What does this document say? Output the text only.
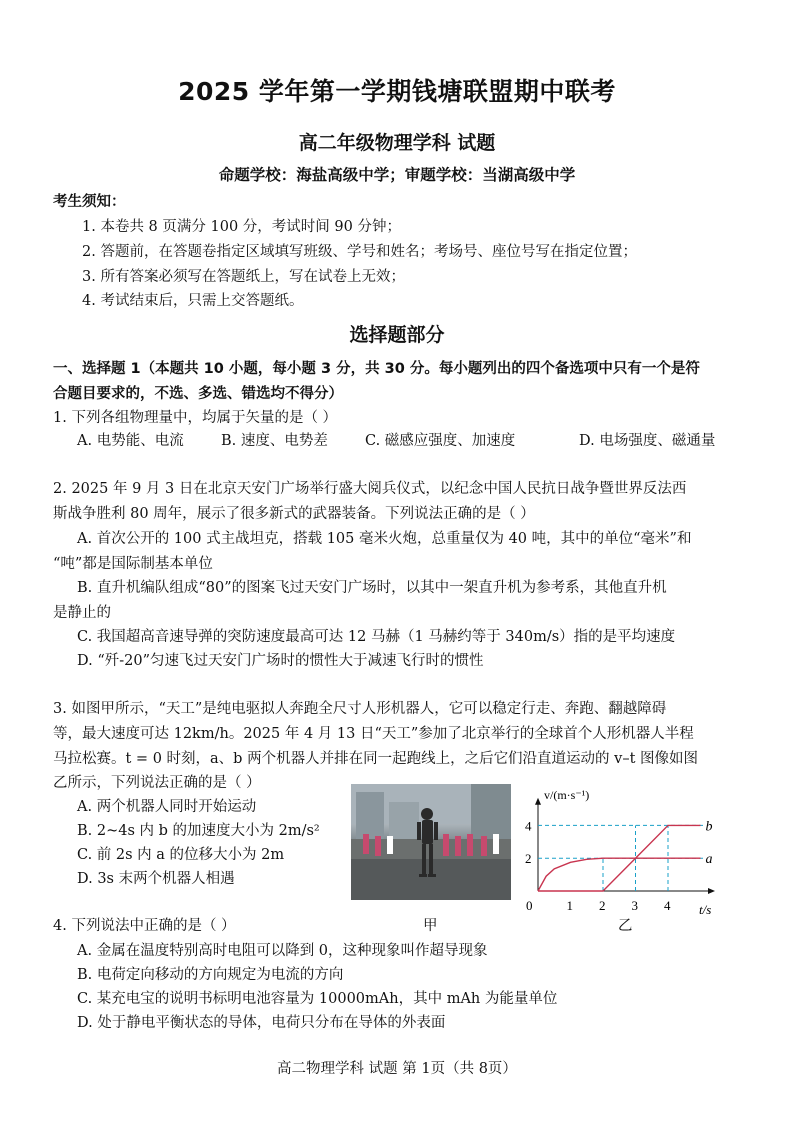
2025 学年第一学期钱塘联盟期中联考
高二年级物理学科 试题
命题学校：海盐高级中学；审题学校：当湖高级中学
考生须知：
1. 本卷共 8 页满分 100 分，考试时间 90 分钟；
2. 答题前，在答题卷指定区域填写班级、学号和姓名；考场号、座位号写在指定位置；
3. 所有答案必须写在答题纸上，写在试卷上无效；
4. 考试结束后，只需上交答题纸。
选择题部分
一、选择题 1（本题共 10 小题，每小题 3 分，共 30 分。每小题列出的四个备选项中只有一个是符
合题目要求的，不选、多选、错选均不得分）
1. 下列各组物理量中，均属于矢量的是（ ）
A. 电势能、电流	B. 速度、电势差	C. 磁感应强度、加速度	D. 电场强度、磁通量
2. 2025 年 9 月 3 日在北京天安门广场举行盛大阅兵仪式，以纪念中国人民抗日战争暨世界反法西
斯战争胜利 80 周年，展示了很多新式的武器装备。下列说法正确的是（ ）
A. 首次公开的 100 式主战坦克，搭载 105 毫米火炮，总重量仅为 40 吨，其中的单位“毫米”和
“吨”都是国际制基本单位
B. 直升机编队组成“80”的图案飞过天安门广场时，以其中一架直升机为参考系，其他直升机
是静止的
C. 我国超高音速导弹的突防速度最高可达 12 马赫（1 马赫约等于 340m/s）指的是平均速度
D. “歼-20”匀速飞过天安门广场时的惯性大于减速飞行时的惯性
3. 如图甲所示，“天工”是纯电驱拟人奔跑全尺寸人形机器人，它可以稳定行走、奔跑、翻越障碍
等，最大速度可达 12km/h。2025 年 4 月 13 日“天工”参加了北京举行的全球首个人形机器人半程
马拉松赛。t = 0 时刻，a、b 两个机器人并排在同一起跑线上，之后它们沿直道运动的 v–t 图像如图
乙所示，下列说法正确的是（ ）
A. 两个机器人同时开始运动
B. 2~4s 内 b 的加速度大小为 2m/s²
C. 前 2s 内 a 的位移大小为 2m
D. 3s 末两个机器人相遇
a
b
0	1 2 3 4
2
4
t/s
v/(m·s⁻¹)
甲	乙
4. 下列说法中正确的是（ ）
A. 金属在温度特别高时电阻可以降到 0，这种现象叫作超导现象
B. 电荷定向移动的方向规定为电流的方向
C. 某充电宝的说明书标明电池容量为 10000mAh，其中 mAh 为能量单位
D. 处于静电平衡状态的导体，电荷只分布在导体的外表面
高二物理学科 试题 第 1页（共 8页）
